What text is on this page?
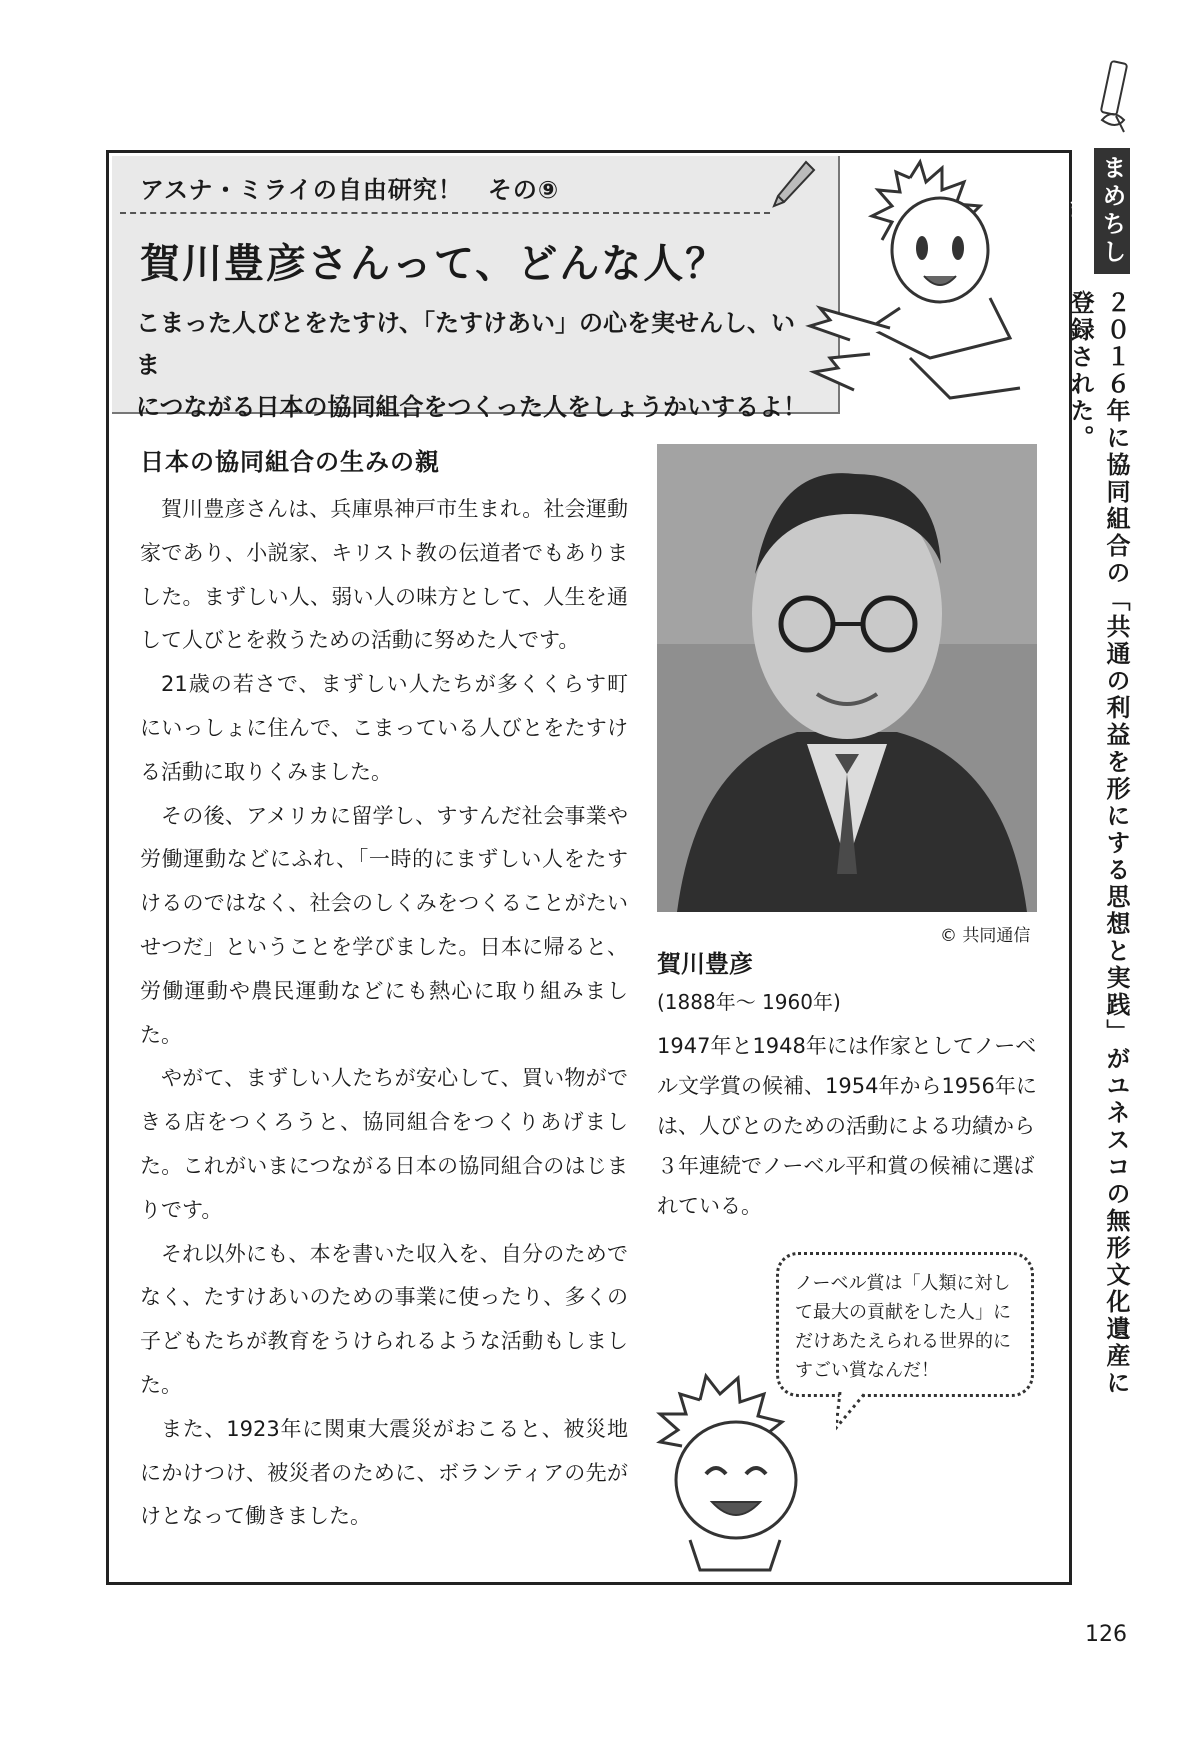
アスナ・ミライの自由研究！　その⑨
賀川豊彦さんって、どんな人？
こまった人びとをたすけ、「たすけあい」の心を実せんし、いま
につながる日本の協同組合をつくった人をしょうかいするよ！
日本の協同組合の生みの親

賀川豊彦さんは、兵庫県神戸市生まれ。社会運動家であり、小説家、キリスト教の伝道者でもありました。まずしい人、弱い人の味方として、人生を通して人びとを救うための活動に努めた人です。

21歳の若さで、まずしい人たちが多くくらす町にいっしょに住んで、こまっている人びとをたすける活動に取りくみました。

その後、アメリカに留学し、すすんだ社会事業や労働運動などにふれ、「一時的にまずしい人をたすけるのではなく、社会のしくみをつくることがたいせつだ」ということを学びました。日本に帰ると、労働運動や農民運動などにも熱心に取り組みました。

やがて、まずしい人たちが安心して、買い物ができる店をつくろうと、協同組合をつくりあげました。これがいまにつながる日本の協同組合のはじまりです。

それ以外にも、本を書いた収入を、自分のためでなく、たすけあいのための事業に使ったり、多くの子どもたちが教育をうけられるような活動もしました。

また、1923年に関東大震災がおこると、被災地にかけつけ、被災者のために、ボランティアの先がけとなって働きました。

© 共同通信
賀川豊彦
(1888年～ 1960年)
1947年と1948年には作家としてノーベル文学賞の候補、1954年から1956年には、人びとのための活動による功績から３年連続でノーベル平和賞の候補に選ばれている。
ノーベル賞は「人類に対して最大の貢献をした人」にだけあたえられる世界的にすごい賞なんだ！
まめちしき
２０１６年に協同組合の「共通の利益を形にする思想と実践」がユネスコの無形文化遺産に登録された。
126
